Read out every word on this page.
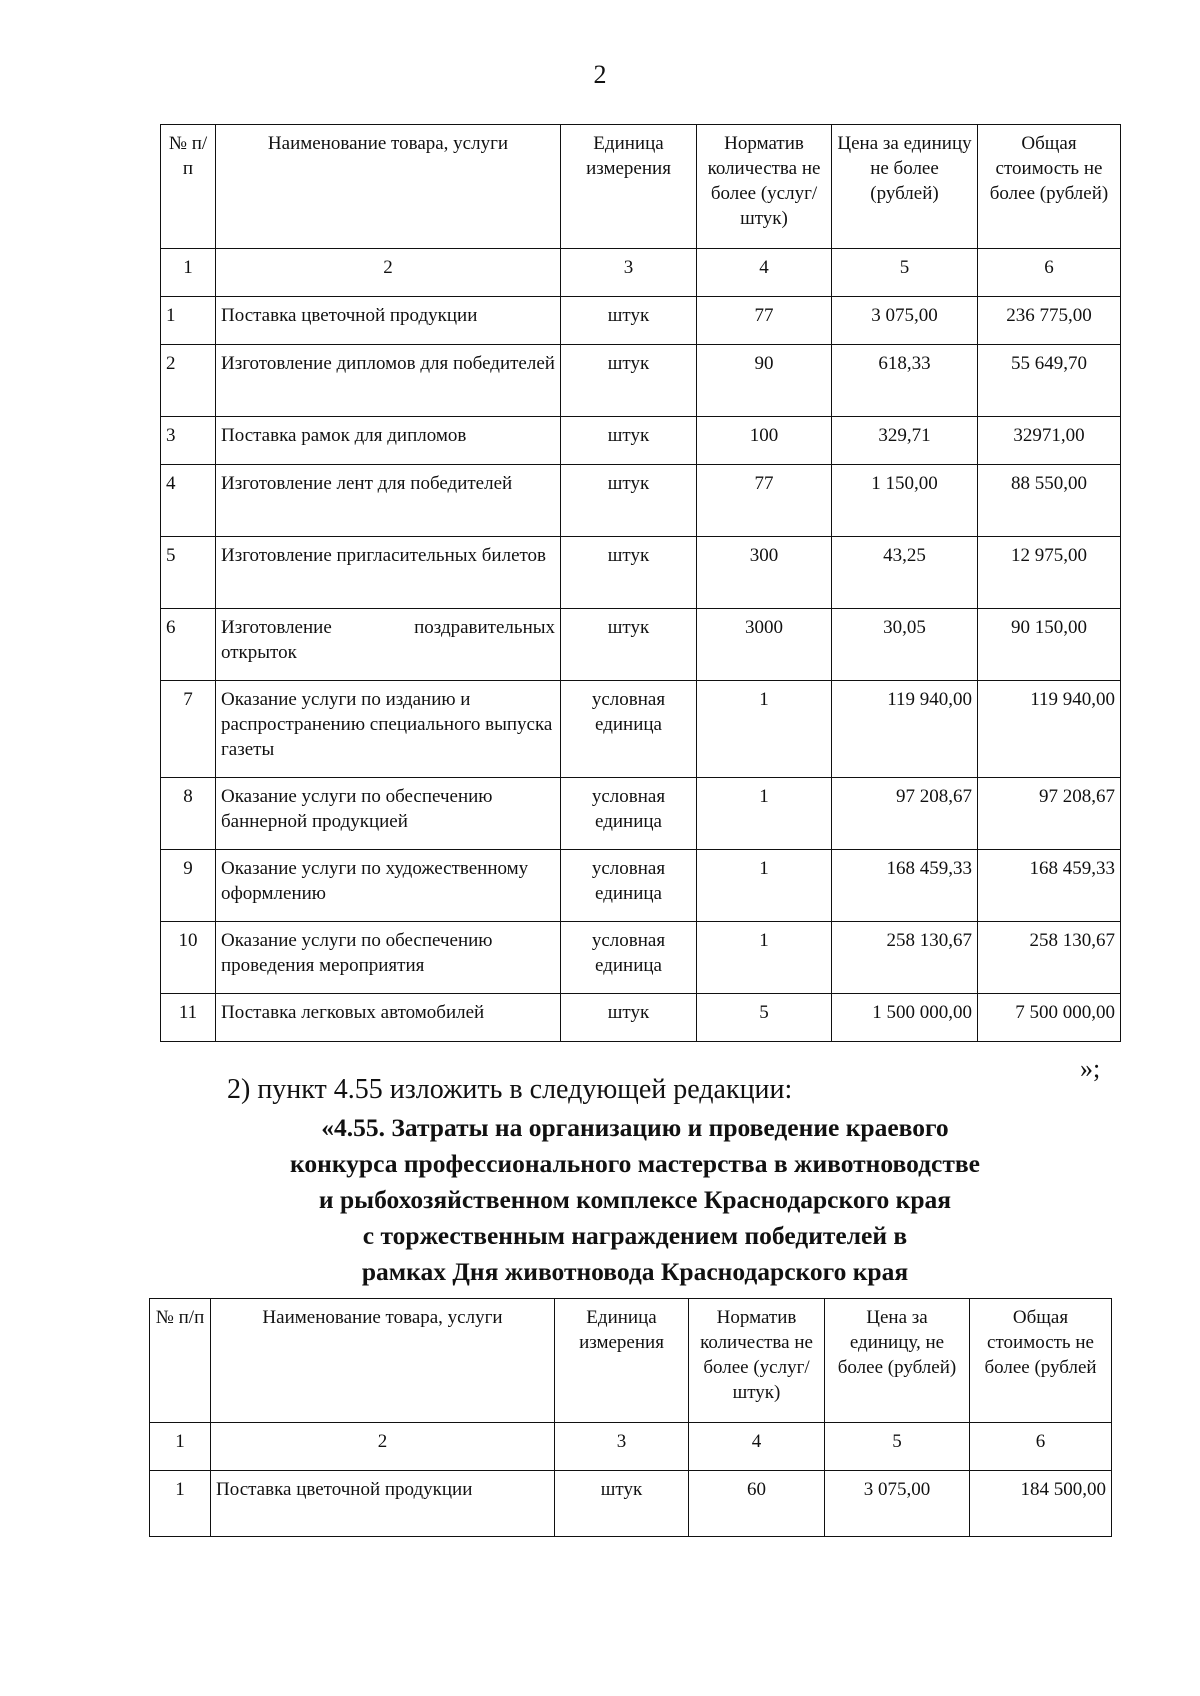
2
№ п/п	Наименование товара, услуги	Единица измерения	Норматив количества не более (услуг/штук)	Цена за единицу не более (рублей)	Общая стоимость не более (рублей)
1	2	3	4	5	6
1	Поставка цветочной продукции	штук	77	3 075,00	236 775,00
2	Изготовление дипломов для победителей	штук	90	618,33	55 649,70
3	Поставка рамок для дипломов	штук	100	329,71	32971,00
4	Изготовление лент для победителей	штук	77	1 150,00	88 550,00
5	Изготовление пригласительных билетов	штук	300	43,25	12 975,00
6	Изготовление поздравительных открыток	штук	3000	30,05	90 150,00
7	Оказание услуги по изданию и распространению специального выпуска газеты	условная единица	1	119 940,00	119 940,00
8	Оказание услуги по обеспечению баннерной продукцией	условная единица	1	97 208,67	97 208,67
9	Оказание услуги по художественному оформлению	условная единица	1	168 459,33	168 459,33
10	Оказание услуги по обеспечению проведения мероприятия	условная единица	1	258 130,67	258 130,67
11	Поставка легковых автомобилей	штук	5	1 500 000,00	7 500 000,00
»;
2) пункт 4.55 изложить в следующей редакции:
«4.55. Затраты на организацию и проведение краевого
конкурса профессионального мастерства в животноводстве
и рыбохозяйственном комплексе Краснодарского края
с торжественным награждением победителей в
рамках Дня животновода Краснодарского края
№ п/п	Наименование товара, услуги	Единица измерения	Норматив количества не более (услуг/штук)	Цена за единицу, не более (рублей)	Общая стоимость не более (рублей
1	2	3	4	5	6
1	Поставка цветочной продукции	штук	60	3 075,00	184 500,00
